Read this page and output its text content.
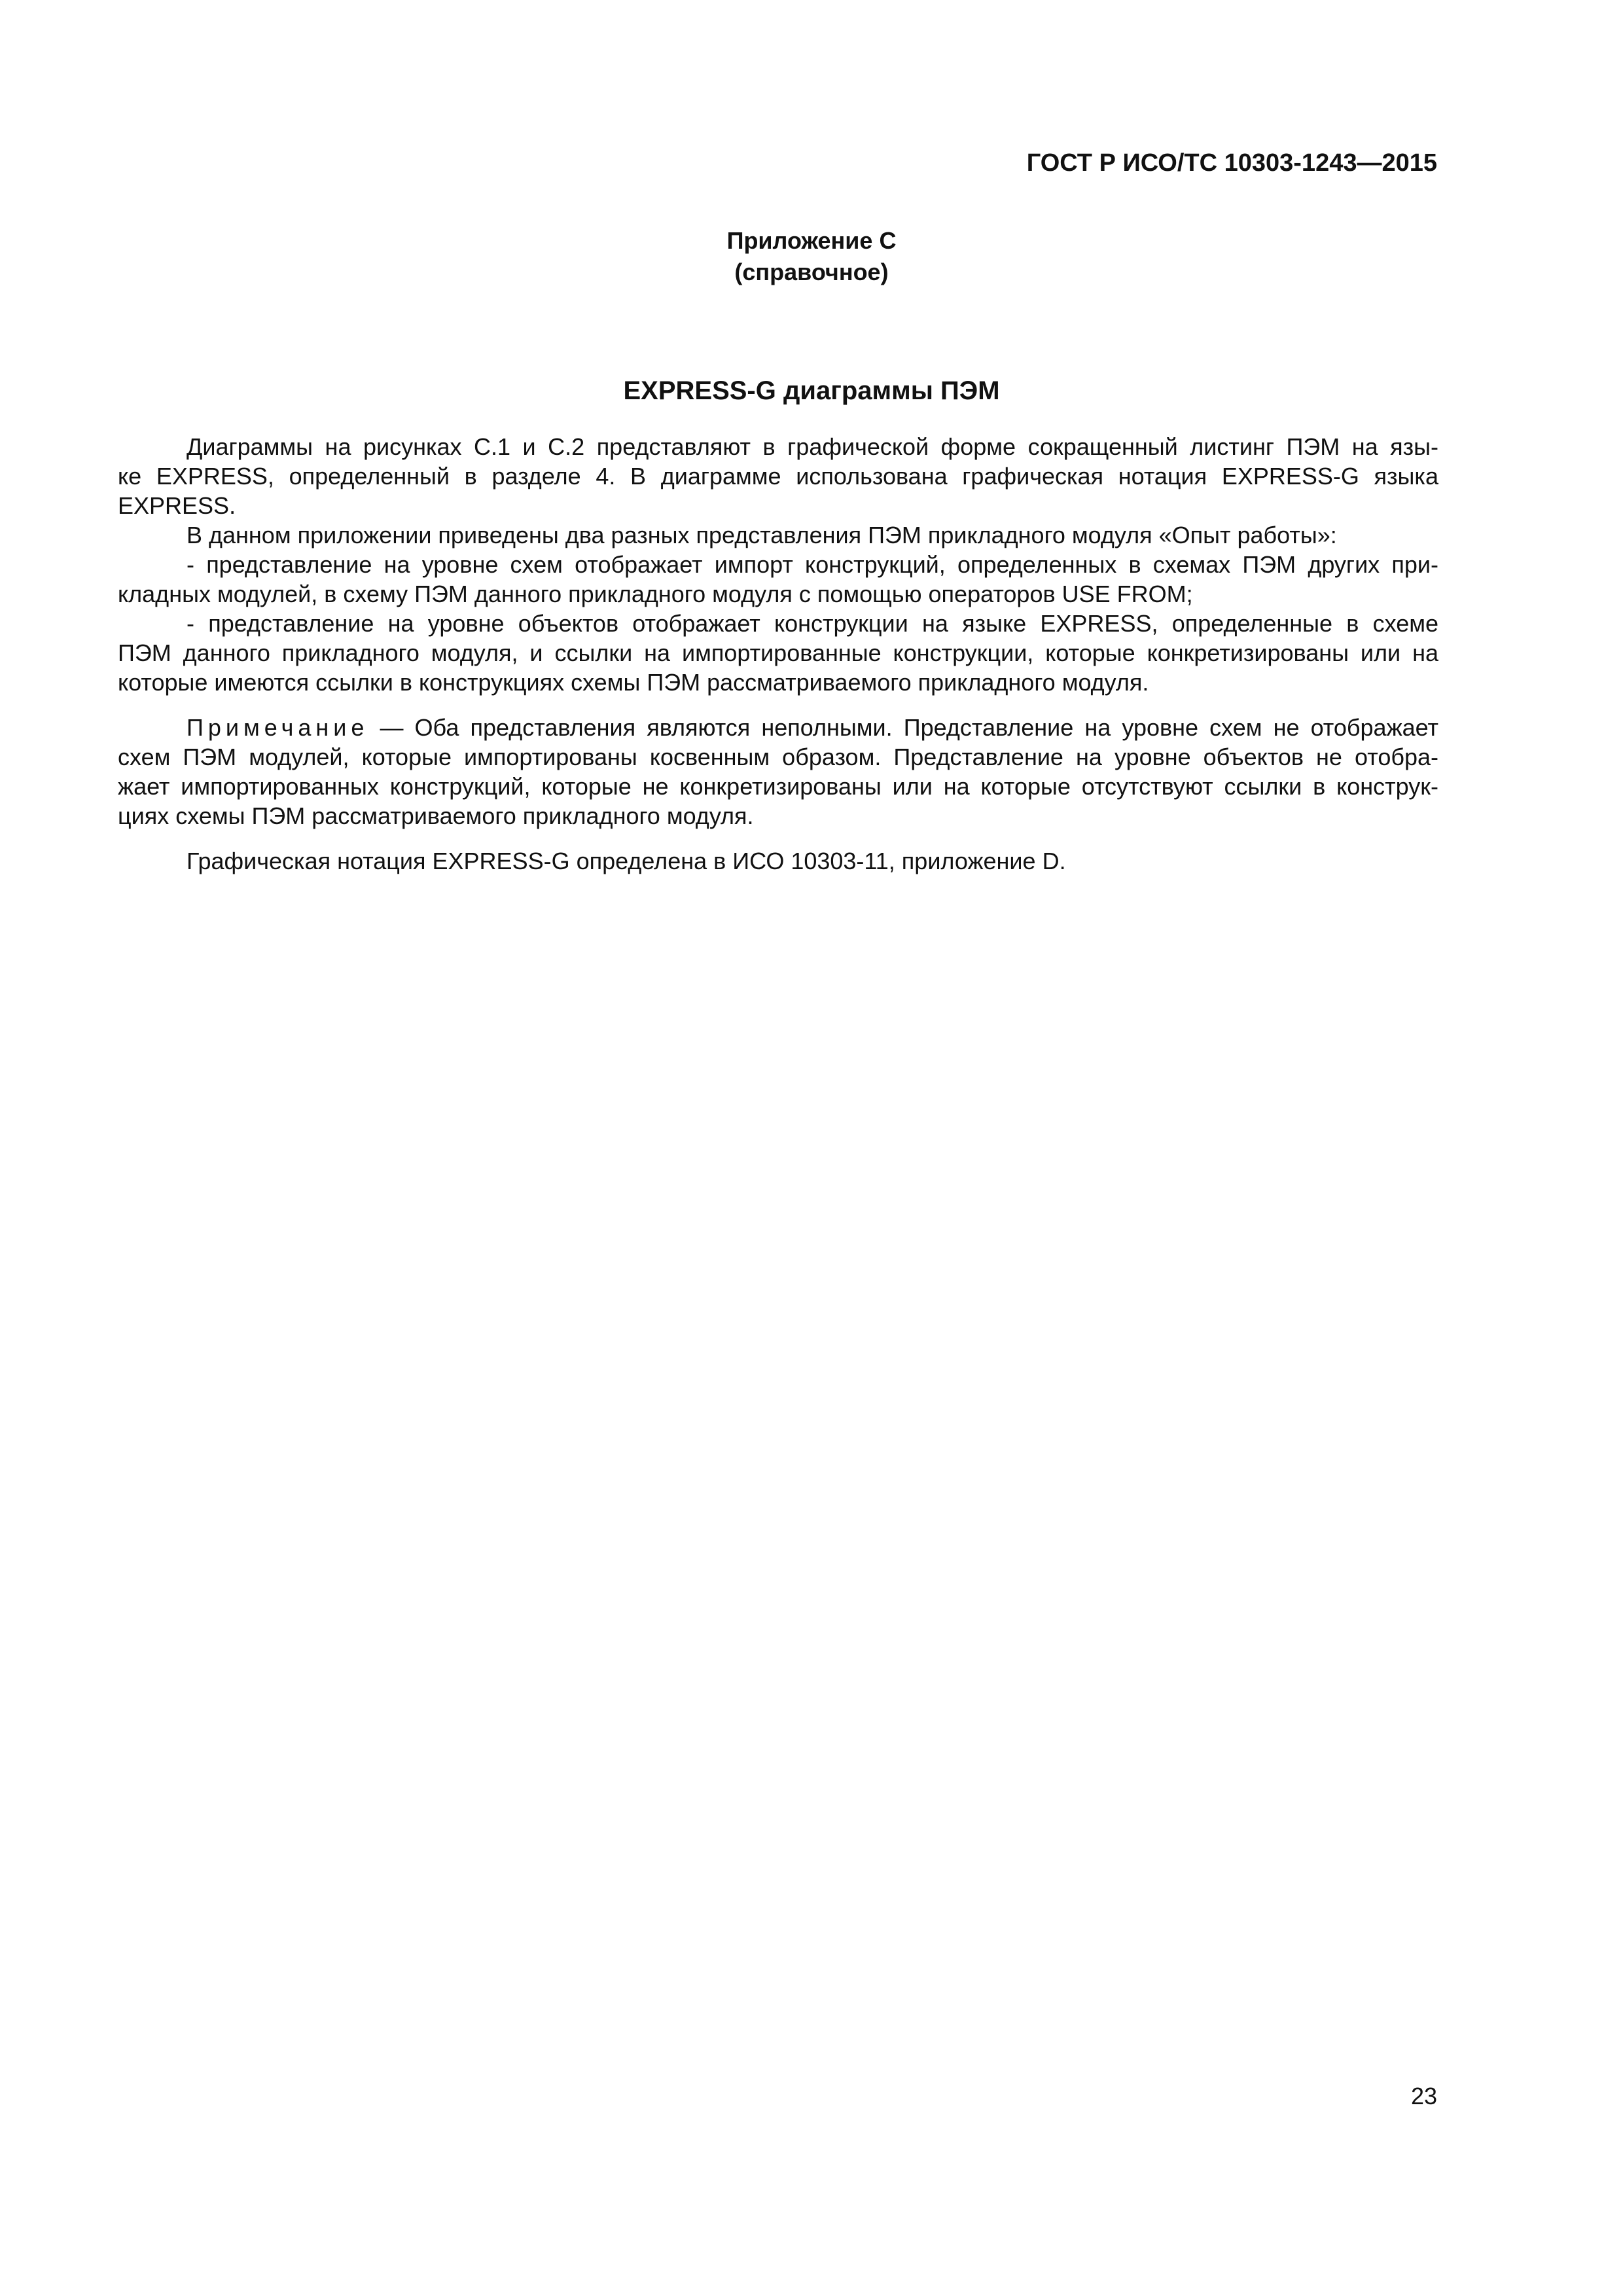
ГОСТ Р ИСО/ТС 10303-1243—2015
Приложение С
(справочное)
EXPRESS-G диаграммы ПЭМ
Диаграммы на рисунках С.1 и С.2 представляют в графической форме сокращенный листинг ПЭМ на язы-
ке EXPRESS, определенный в разделе 4. В диаграмме использована графическая нотация EXPRESS-G языка
EXPRESS.
В данном приложении приведены два разных представления ПЭМ прикладного модуля «Опыт работы»:
- представление на уровне схем отображает импорт конструкций, определенных в схемах ПЭМ других при-
кладных модулей, в схему ПЭМ данного прикладного модуля с помощью операторов USE FROM;
- представление на уровне объектов отображает конструкции на языке EXPRESS, определенные в схеме
ПЭМ данного прикладного модуля, и ссылки на импортированные конструкции, которые конкретизированы или на
которые имеются ссылки в конструкциях схемы ПЭМ рассматриваемого прикладного модуля.
Примечание — Оба представления являются неполными. Представление на уровне схем не отображает
схем ПЭМ модулей, которые импортированы косвенным образом. Представление на уровне объектов не отобра-
жает импортированных конструкций, которые не конкретизированы или на которые отсутствуют ссылки в конструк-
циях схемы ПЭМ рассматриваемого прикладного модуля.
Графическая нотация EXPRESS-G определена в ИСО 10303-11, приложение D.
23
